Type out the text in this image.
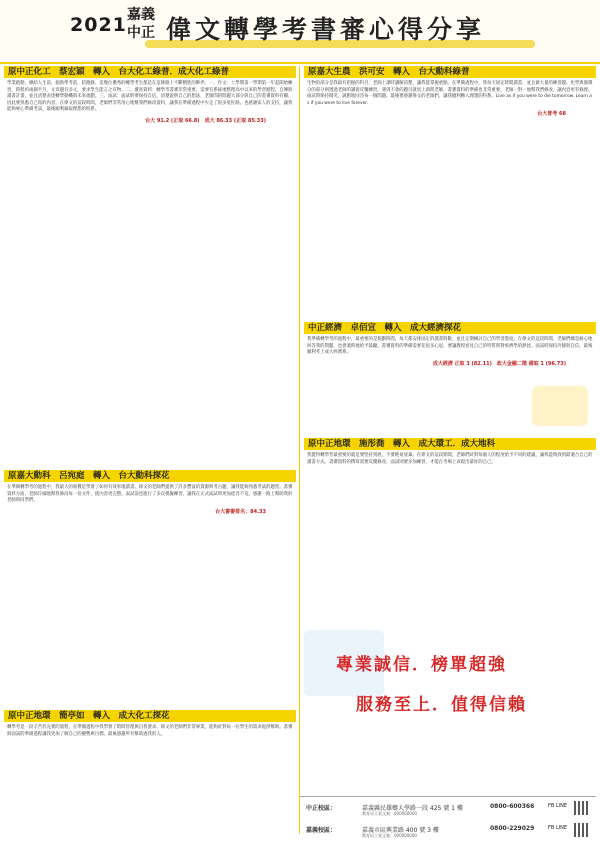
2021 嘉義
中正 偉文轉學考書審心得分享
原中正化工　蔡宏穎　轉入　台大化工綠普．成大化工綠普
學業啟動，總結人生前，創新準考前，陪跑錄，這幾位優秀的轉學考生都是在這條路上不斷精進的夥伴。一、作文：上學期第一學期第一年起開始練習，時程約兩個半月，文章題目多元，要求學生能言之有物。二、審查資料：轉學考書審非常重要，需要有系統地整理高中以來的學習歷程、自傳與讀書計畫，並且清楚表達轉學動機與未來規劃。三、面試：面試時要保持自信，清楚說明自己的想法，老師問的問題大部分與自己的書審資料有關，因此要熟悉自己寫的內容。在偉文的這段時間，老師們非常用心地幫我們修改資料，讓我在準備過程中少走了很多冤枉路。也感謝家人的支持，讓我能夠專心準備考試，最後順利錄取理想的校系。
台大 91.2 (正取 66.8)　成大 86.33 (正取 85.33)
原嘉大生農　洪可安　轉入　台大動科綠普
生物的部分是我最有把握的科目，老師上課時講解清楚，讓我能掌握重點。在準備過程中，我每天固定時間讀書，並且做大量的練習題。化學與微積分的部分則透過老師的講義反覆練習，遇到不會的題目就馬上詢問老師。書審資料的準備也非常重要，老師一對一地幫我們修改，讓內容更有條理。面試時保持微笑，誠懇地回答每一個問題。最後要感謝偉文的老師們，讓我順利轉入理想的科系。Live as if you were to die tomorrow. Learn as if you were to live forever.
台大普考 68
中正經濟　卓佰宣　轉入　成大經濟探花
我準備轉學考的過程中，最重要的是規劃時間，每天都安排固定的讀書時數，並且定期檢討自己的學習進度。在偉文的這段時間，老師們總是耐心地回答我的問題，也會適時地給予鼓勵。書審資料的準備需要花很多心思，要讓教授看見自己的特質與對經濟學的熱忱。面試時保持冷靜與自信，最後順利考上成大經濟系。
成大經濟 正取 3 (82.11)　政大金融二階 備取 1 (96.73)
原嘉大動科　呂宛庭　轉入　台大動科探花
在準備轉學考的過程中，我最大的收穫是學會了如何有效率地讀書。偉文的老師們提供了許多豐富的資源與考古題，讓我能夠熟悉考試的題型。書審資料方面，老師仔細地幫我修改每一份文件，使內容更完整。面試前也進行了多次模擬練習，讓我在正式面試時更加從容不迫。感謝一路上幫助我的老師與同學們。
台大書審排名：84.33
原中正地環　施彤喬　轉入　成大環工．成大地科
我覺得轉學考最重要的就是要堅持到底，不要輕易放棄。在偉文的這段期間，老師們針對每個人的程度給予不同的建議，讓我能夠找到最適合自己的讀書方式。書審資料的撰寫需要反覆修改，面試則要多加練習，才能在考場上表現出最好的自己。
原中正地環　簡亭如　轉入　成大化工探花
轉學考是一段辛苦但充實的旅程，在準備過程中我學會了時間管理與自我要求。偉文的老師們非常專業，能夠針對每一位學生的需求提供幫助。書審與面試的準備過程讓我更加了解自己的優勢與目標。最後感謝所有幫助過我的人。
專業誠信．榜單超強
服務至上．值得信賴
中正校區：	嘉義縣民雄鄉大學路一段 425 號 1 樓
教育局立案文號：000000000
0800-600366	FB LINE
嘉義校區：	嘉義市區興業路 400 號 3 樓
教育局立案文號：000000000
0800-229029	FB LINE
